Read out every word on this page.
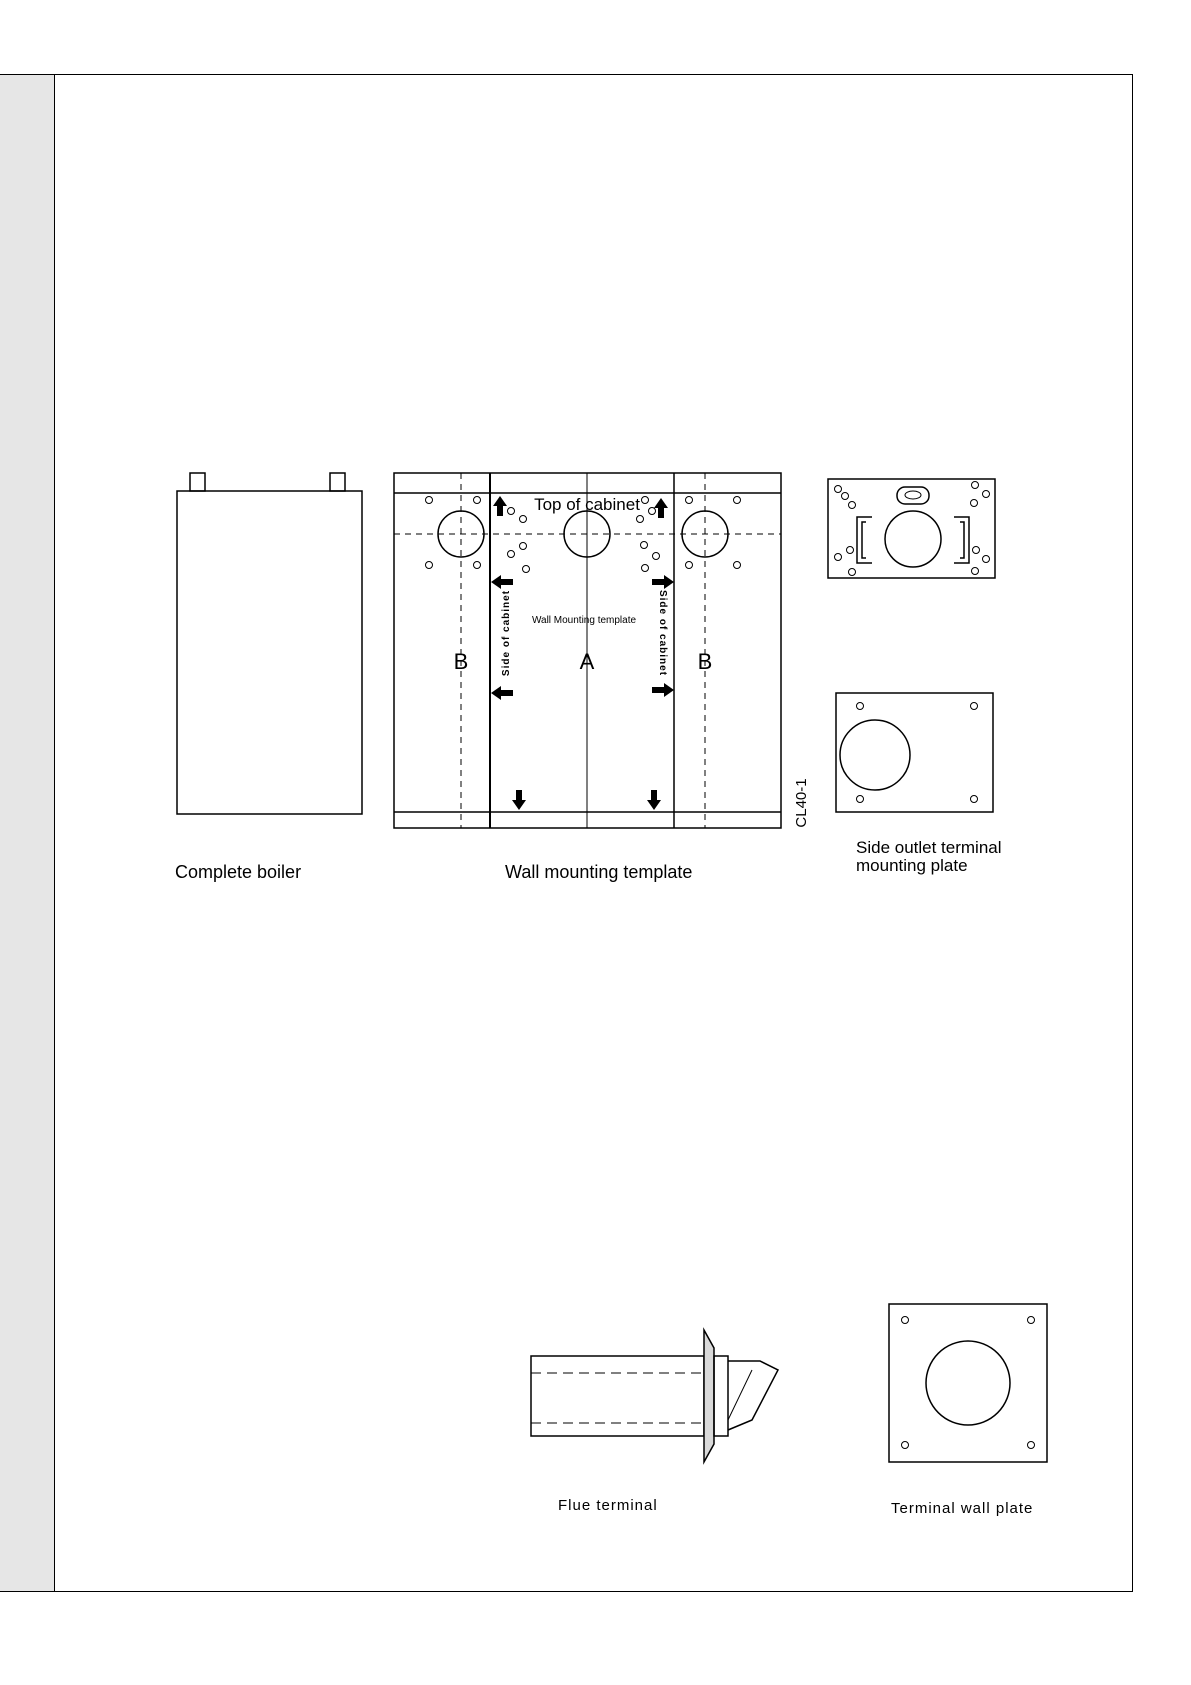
Top of cabinet
Wall Mounting template
B	A	B
Side of cabinet	Side of cabinet
CL40-1
Complete boiler	Wall mounting template
Side outlet terminal mounting plate
Flue terminal	Terminal wall plate
